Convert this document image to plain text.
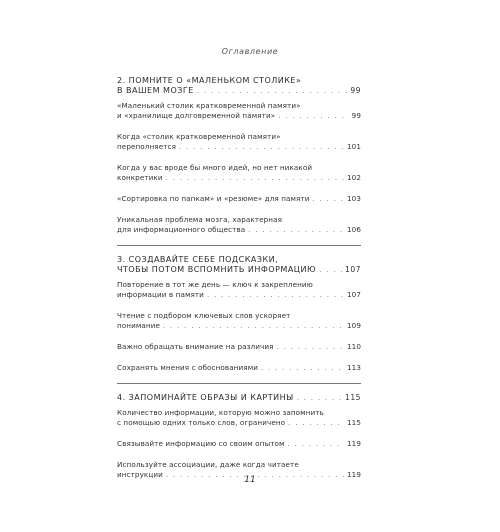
Оглавление
2. ПОМНИТЕ О «МАЛЕНЬКОМ СТОЛИКЕ»
В ВАШЕМ МОЗГЕ . . .	99
«Маленький столик кратковременной памяти»
и «хранилище долговременной памяти» . . .	99
Когда «столик кратковременной памяти»
переполняется . . .	101
Когда у вас вроде бы много идей, но нет никакой
конкретики . . .	102
«Сортировка по папкам» и «резюме» для памяти . . .	103
Уникальная проблема мозга, характерная
для информационного общества . . .	106
3. СОЗДАВАЙТЕ СЕБЕ ПОДСКАЗКИ,
ЧТОБЫ ПОТОМ ВСПОМНИТЬ ИНФОРМАЦИЮ . . .	107
Повторение в тот же день — ключ к закреплению
информации в памяти . . .	107
Чтение с подбором ключевых слов ускоряет
понимание . . .	109
Важно обращать внимание на различия . . .	110
Сохранять мнения с обоснованиями . . .	113
4. ЗАПОМИНАЙТЕ ОБРАЗЫ И КАРТИНЫ . . .	115
Количество информации, которую можно запомнить
с помощью одних только слов, ограничено . . .	115
Связывайте информацию со своим опытом . . .	119
Используйте ассоциации, даже когда читаете
инструкции . . .	119
11
